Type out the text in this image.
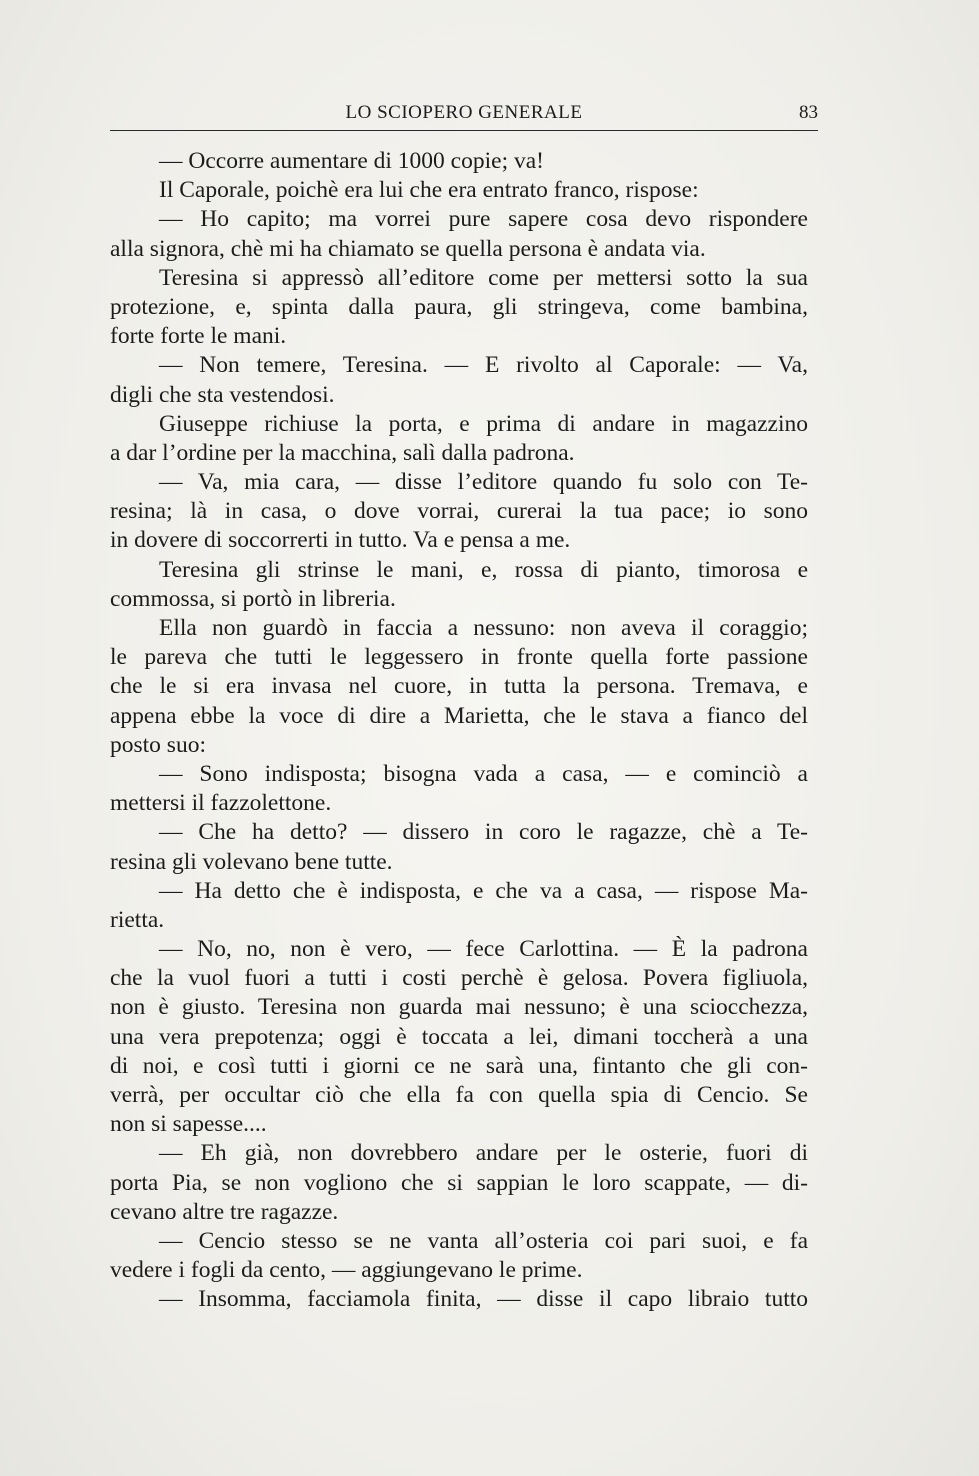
LO SCIOPERO GENERALE	83
— Occorre aumentare di 1000 copie; va!
Il Caporale, poichè era lui che era entrato franco, rispose:
— Ho capito; ma vorrei pure sapere cosa devo rispondere
alla signora, chè mi ha chiamato se quella persona è andata via.
Teresina si appressò all’editore come per mettersi sotto la sua
protezione, e, spinta dalla paura, gli stringeva, come bambina,
forte forte le mani.
— Non temere, Teresina. — E rivolto al Caporale: — Va,
digli che sta vestendosi.
Giuseppe richiuse la porta, e prima di andare in magazzino
a dar l’ordine per la macchina, salì dalla padrona.
— Va, mia cara, — disse l’editore quando fu solo con Te-
resina; là in casa, o dove vorrai, curerai la tua pace; io sono
in dovere di soccorrerti in tutto. Va e pensa a me.
Teresina gli strinse le mani, e, rossa di pianto, timorosa e
commossa, si portò in libreria.
Ella non guardò in faccia a nessuno: non aveva il coraggio;
le pareva che tutti le leggessero in fronte quella forte passione
che le si era invasa nel cuore, in tutta la persona. Tremava, e
appena ebbe la voce di dire a Marietta, che le stava a fianco del
posto suo:
— Sono indisposta; bisogna vada a casa, — e cominciò a
mettersi il fazzolettone.
— Che ha detto? — dissero in coro le ragazze, chè a Te-
resina gli volevano bene tutte.
— Ha detto che è indisposta, e che va a casa, — rispose Ma-
rietta.
— No, no, non è vero, — fece Carlottina. — È la padrona
che la vuol fuori a tutti i costi perchè è gelosa. Povera figliuola,
non è giusto. Teresina non guarda mai nessuno; è una sciocchezza,
una vera prepotenza; oggi è toccata a lei, dimani toccherà a una
di noi, e così tutti i giorni ce ne sarà una, fintanto che gli con-
verrà, per occultar ciò che ella fa con quella spia di Cencio. Se
non si sapesse....
— Eh già, non dovrebbero andare per le osterie, fuori di
porta Pia, se non vogliono che si sappian le loro scappate, — di-
cevano altre tre ragazze.
— Cencio stesso se ne vanta all’osteria coi pari suoi, e fa
vedere i fogli da cento, — aggiungevano le prime.
— Insomma, facciamola finita, — disse il capo libraio tutto
